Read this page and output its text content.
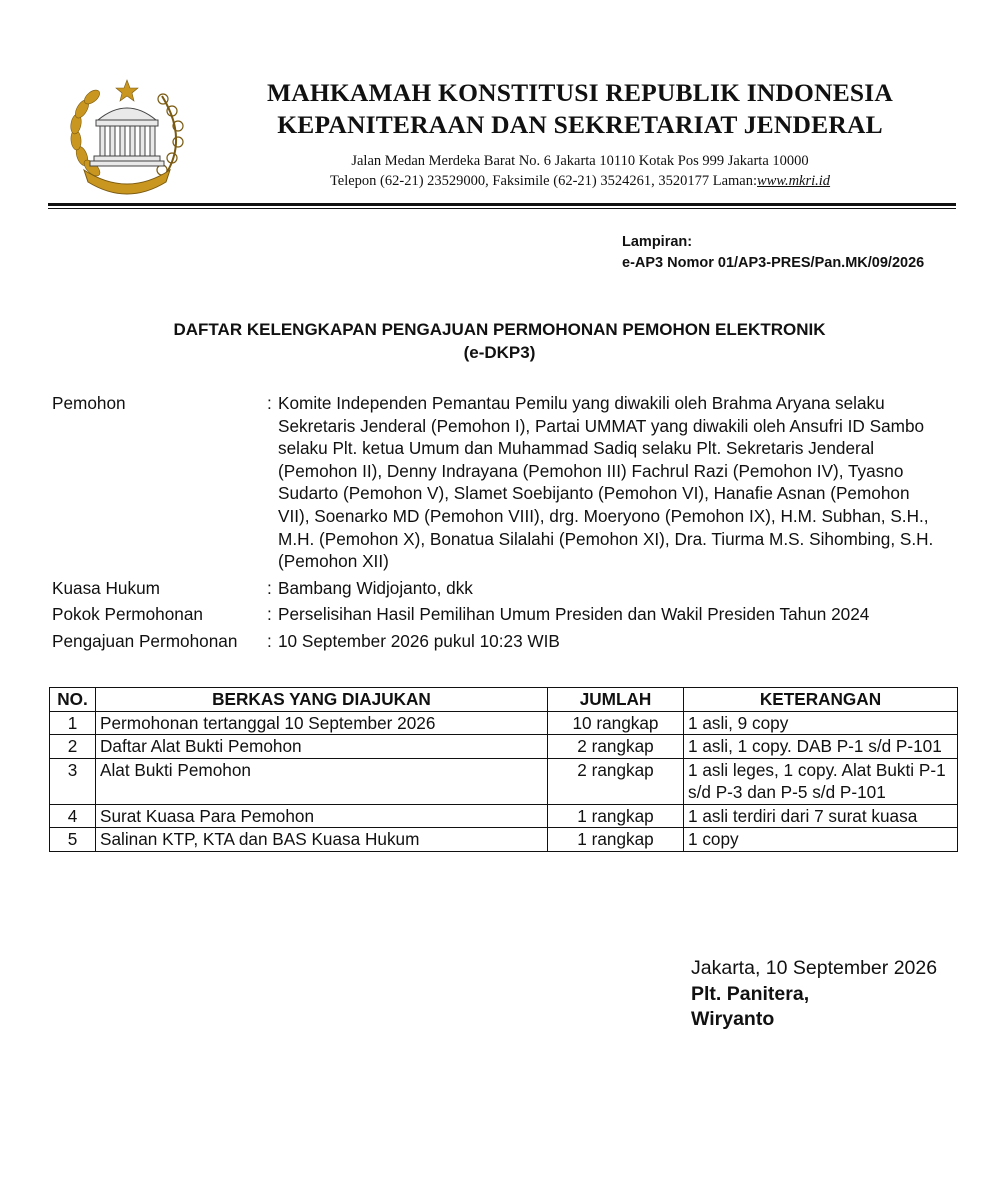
MAHKAMAH KONSTITUSI REPUBLIK INDONESIA
KEPANITERAAN DAN SEKRETARIAT JENDERAL
Jalan Medan Merdeka Barat No. 6 Jakarta 10110 Kotak Pos 999 Jakarta 10000
Telepon (62-21) 23529000, Faksimile (62-21) 3524261, 3520177 Laman:www.mkri.id
Lampiran:
e-AP3 Nomor 01/AP3-PRES/Pan.MK/09/2026
DAFTAR KELENGKAPAN PENGAJUAN PERMOHONAN PEMOHON ELEKTRONIK
(e-DKP3)
Pemohon	: Komite Independen Pemantau Pemilu yang diwakili oleh Brahma Aryana selaku Sekretaris Jenderal (Pemohon I), Partai UMMAT yang diwakili oleh Ansufri ID Sambo selaku Plt. ketua Umum dan Muhammad Sadiq selaku Plt. Sekretaris Jenderal (Pemohon II), Denny Indrayana (Pemohon III) Fachrul Razi (Pemohon IV), Tyasno Sudarto (Pemohon V), Slamet Soebijanto (Pemohon VI), Hanafie Asnan (Pemohon VII), Soenarko MD (Pemohon VIII), drg. Moeryono (Pemohon IX), H.M. Subhan, S.H., M.H. (Pemohon X), Bonatua Silalahi (Pemohon XI), Dra. Tiurma M.S. Sihombing, S.H. (Pemohon XII)
Kuasa Hukum	: Bambang Widjojanto, dkk
Pokok Permohonan	: Perselisihan Hasil Pemilihan Umum Presiden dan Wakil Presiden Tahun 2024
Pengajuan Permohonan	: 10 September 2026 pukul 10:23 WIB
NO.	BERKAS YANG DIAJUKAN	JUMLAH	KETERANGAN
1	Permohonan tertanggal 10 September 2026	10 rangkap	1 asli, 9 copy
2	Daftar Alat Bukti Pemohon	2 rangkap	1 asli, 1 copy. DAB P-1 s/d P-101
3	Alat Bukti Pemohon	2 rangkap	1 asli leges, 1 copy. Alat Bukti P-1 s/d P-3 dan P-5 s/d P-101
4	Surat Kuasa Para Pemohon	1 rangkap	1 asli terdiri dari 7 surat kuasa
5	Salinan KTP, KTA dan BAS Kuasa Hukum	1 rangkap	1 copy
Jakarta, 10 September 2026
Plt. Panitera,
Wiryanto
